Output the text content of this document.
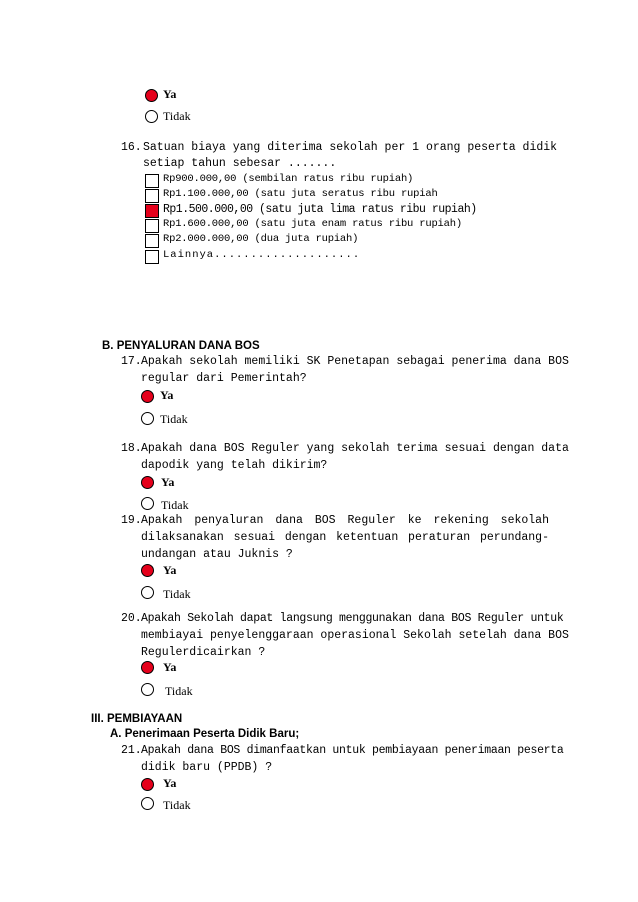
Ya
Tidak
16. Satuan biaya yang diterima sekolah per 1 orang peserta didik
setiap tahun sebesar .......
Rp900.000,00 (sembilan ratus ribu rupiah)
Rp1.100.000,00 (satu juta seratus ribu rupiah
Rp1.500.000,00 (satu juta lima ratus ribu rupiah)
Rp1.600.000,00 (satu juta enam ratus ribu rupiah)
Rp2.000.000,00 (dua juta rupiah)
Lainnya....................
B. PENYALURAN DANA BOS
17. Apakah sekolah memiliki SK Penetapan sebagai penerima dana BOS
regular dari Pemerintah?
Ya
Tidak
18. Apakah dana BOS Reguler yang sekolah terima sesuai dengan data
dapodik yang telah dikirim?
Ya
Tidak
19. Apakah penyaluran dana BOS Reguler ke rekening sekolah
dilaksanakan sesuai dengan ketentuan peraturan perundang-
undangan atau Juknis ?
Ya
Tidak
20. Apakah Sekolah dapat langsung menggunakan dana BOS Reguler untuk
membiayai penyelenggaraan operasional Sekolah setelah dana BOS
Regulerdicairkan ?
Ya
Tidak
III. PEMBIAYAAN
A. Penerimaan Peserta Didik Baru;
21. Apakah dana BOS dimanfaatkan untuk pembiayaan penerimaan peserta
didik baru (PPDB) ?
Ya
Tidak
